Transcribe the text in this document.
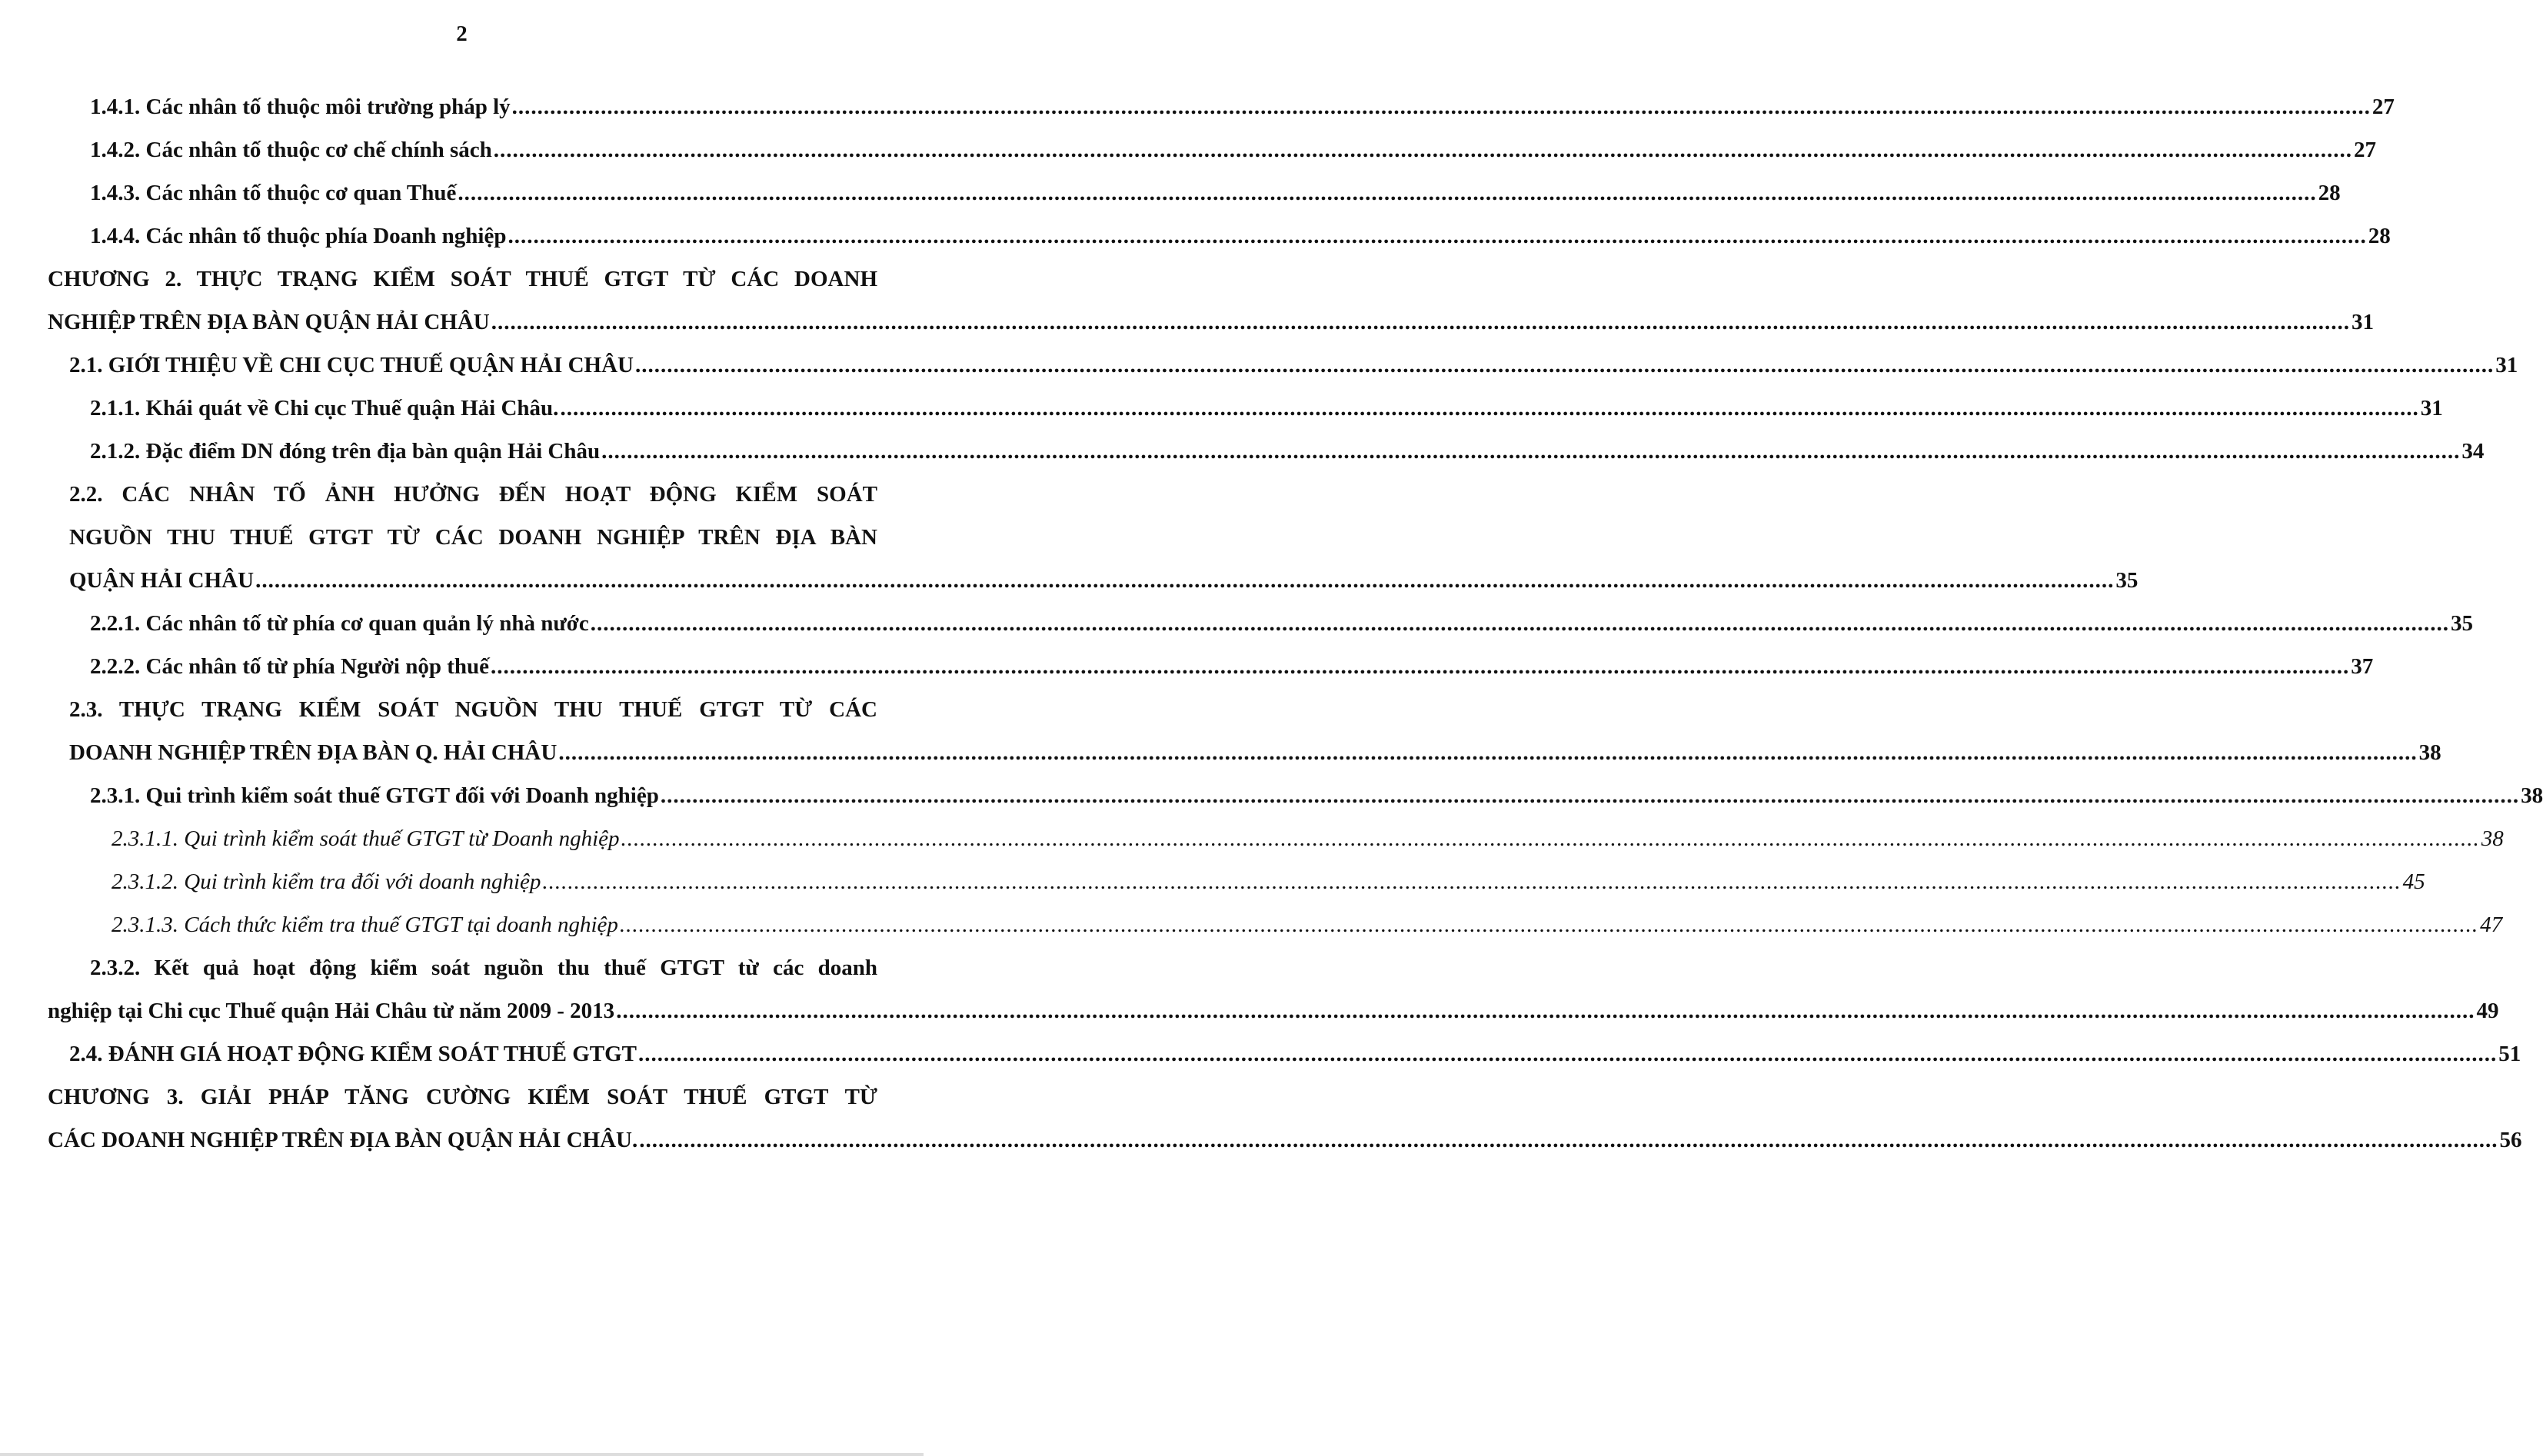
2
1.4.1. Các nhân tố thuộc môi trường pháp lý ..................................................................................................................................................................................................................................................................................................... 27
1.4.2. Các nhân tố thuộc cơ chế chính sách ..................................................................................................................................................................................................................................................................................................... 27
1.4.3. Các nhân tố thuộc cơ quan Thuế ..................................................................................................................................................................................................................................................................................................... 28
1.4.4. Các nhân tố thuộc phía Doanh nghiệp ..................................................................................................................................................................................................................................................................................................... 28
CHƯƠNG 2. THỰC TRẠNG KIỂM SOÁT THUẾ GTGT TỪ CÁC DOANH
NGHIỆP TRÊN ĐỊA BÀN QUẬN HẢI CHÂU ..................................................................................................................................................................................................................................................................................................... 31
2.1. GIỚI THIỆU VỀ CHI CỤC THUẾ QUẬN HẢI CHÂU ..................................................................................................................................................................................................................................................................................................... 31
2.1.1. Khái quát về Chi cục Thuế quận Hải Châu. ..................................................................................................................................................................................................................................................................................................... 31
2.1.2. Đặc điểm DN đóng trên địa bàn quận Hải Châu ..................................................................................................................................................................................................................................................................................................... 34
2.2. CÁC NHÂN TỐ ẢNH HƯỞNG ĐẾN HOẠT ĐỘNG KIỂM SOÁT
NGUỒN THU THUẾ GTGT TỪ CÁC DOANH NGHIỆP TRÊN ĐỊA BÀN
QUẬN HẢI CHÂU ..................................................................................................................................................................................................................................................................................................... 35
2.2.1. Các nhân tố từ phía cơ quan quản lý nhà nước ..................................................................................................................................................................................................................................................................................................... 35
2.2.2. Các nhân tố từ phía Người nộp thuế ..................................................................................................................................................................................................................................................................................................... 37
2.3. THỰC TRẠNG KIỂM SOÁT NGUỒN THU THUẾ GTGT TỪ CÁC
DOANH NGHIỆP TRÊN ĐỊA BÀN Q. HẢI CHÂU ..................................................................................................................................................................................................................................................................................................... 38
2.3.1. Qui trình kiểm soát thuế GTGT đối với Doanh nghiệp ..................................................................................................................................................................................................................................................................................................... 38
2.3.1.1. Qui trình kiểm soát thuế GTGT từ Doanh nghiệp ..................................................................................................................................................................................................................................................................................................... 38
2.3.1.2. Qui trình kiểm tra đối với doanh nghiệp ..................................................................................................................................................................................................................................................................................................... 45
2.3.1.3. Cách thức kiểm tra thuế GTGT tại doanh nghiệp ..................................................................................................................................................................................................................................................................................................... 47
2.3.2. Kết quả hoạt động kiểm soát nguồn thu thuế GTGT từ các doanh
nghiệp tại Chi cục Thuế quận Hải Châu từ năm 2009 - 2013 ..................................................................................................................................................................................................................................................................................................... 49
2.4. ĐÁNH GIÁ HOẠT ĐỘNG KIỂM SOÁT THUẾ GTGT ..................................................................................................................................................................................................................................................................................................... 51
CHƯƠNG 3. GIẢI PHÁP TĂNG CƯỜNG KIỂM SOÁT THUẾ GTGT TỪ
CÁC DOANH NGHIỆP TRÊN ĐỊA BÀN QUẬN HẢI CHÂU. ..................................................................................................................................................................................................................................................................................................... 56
